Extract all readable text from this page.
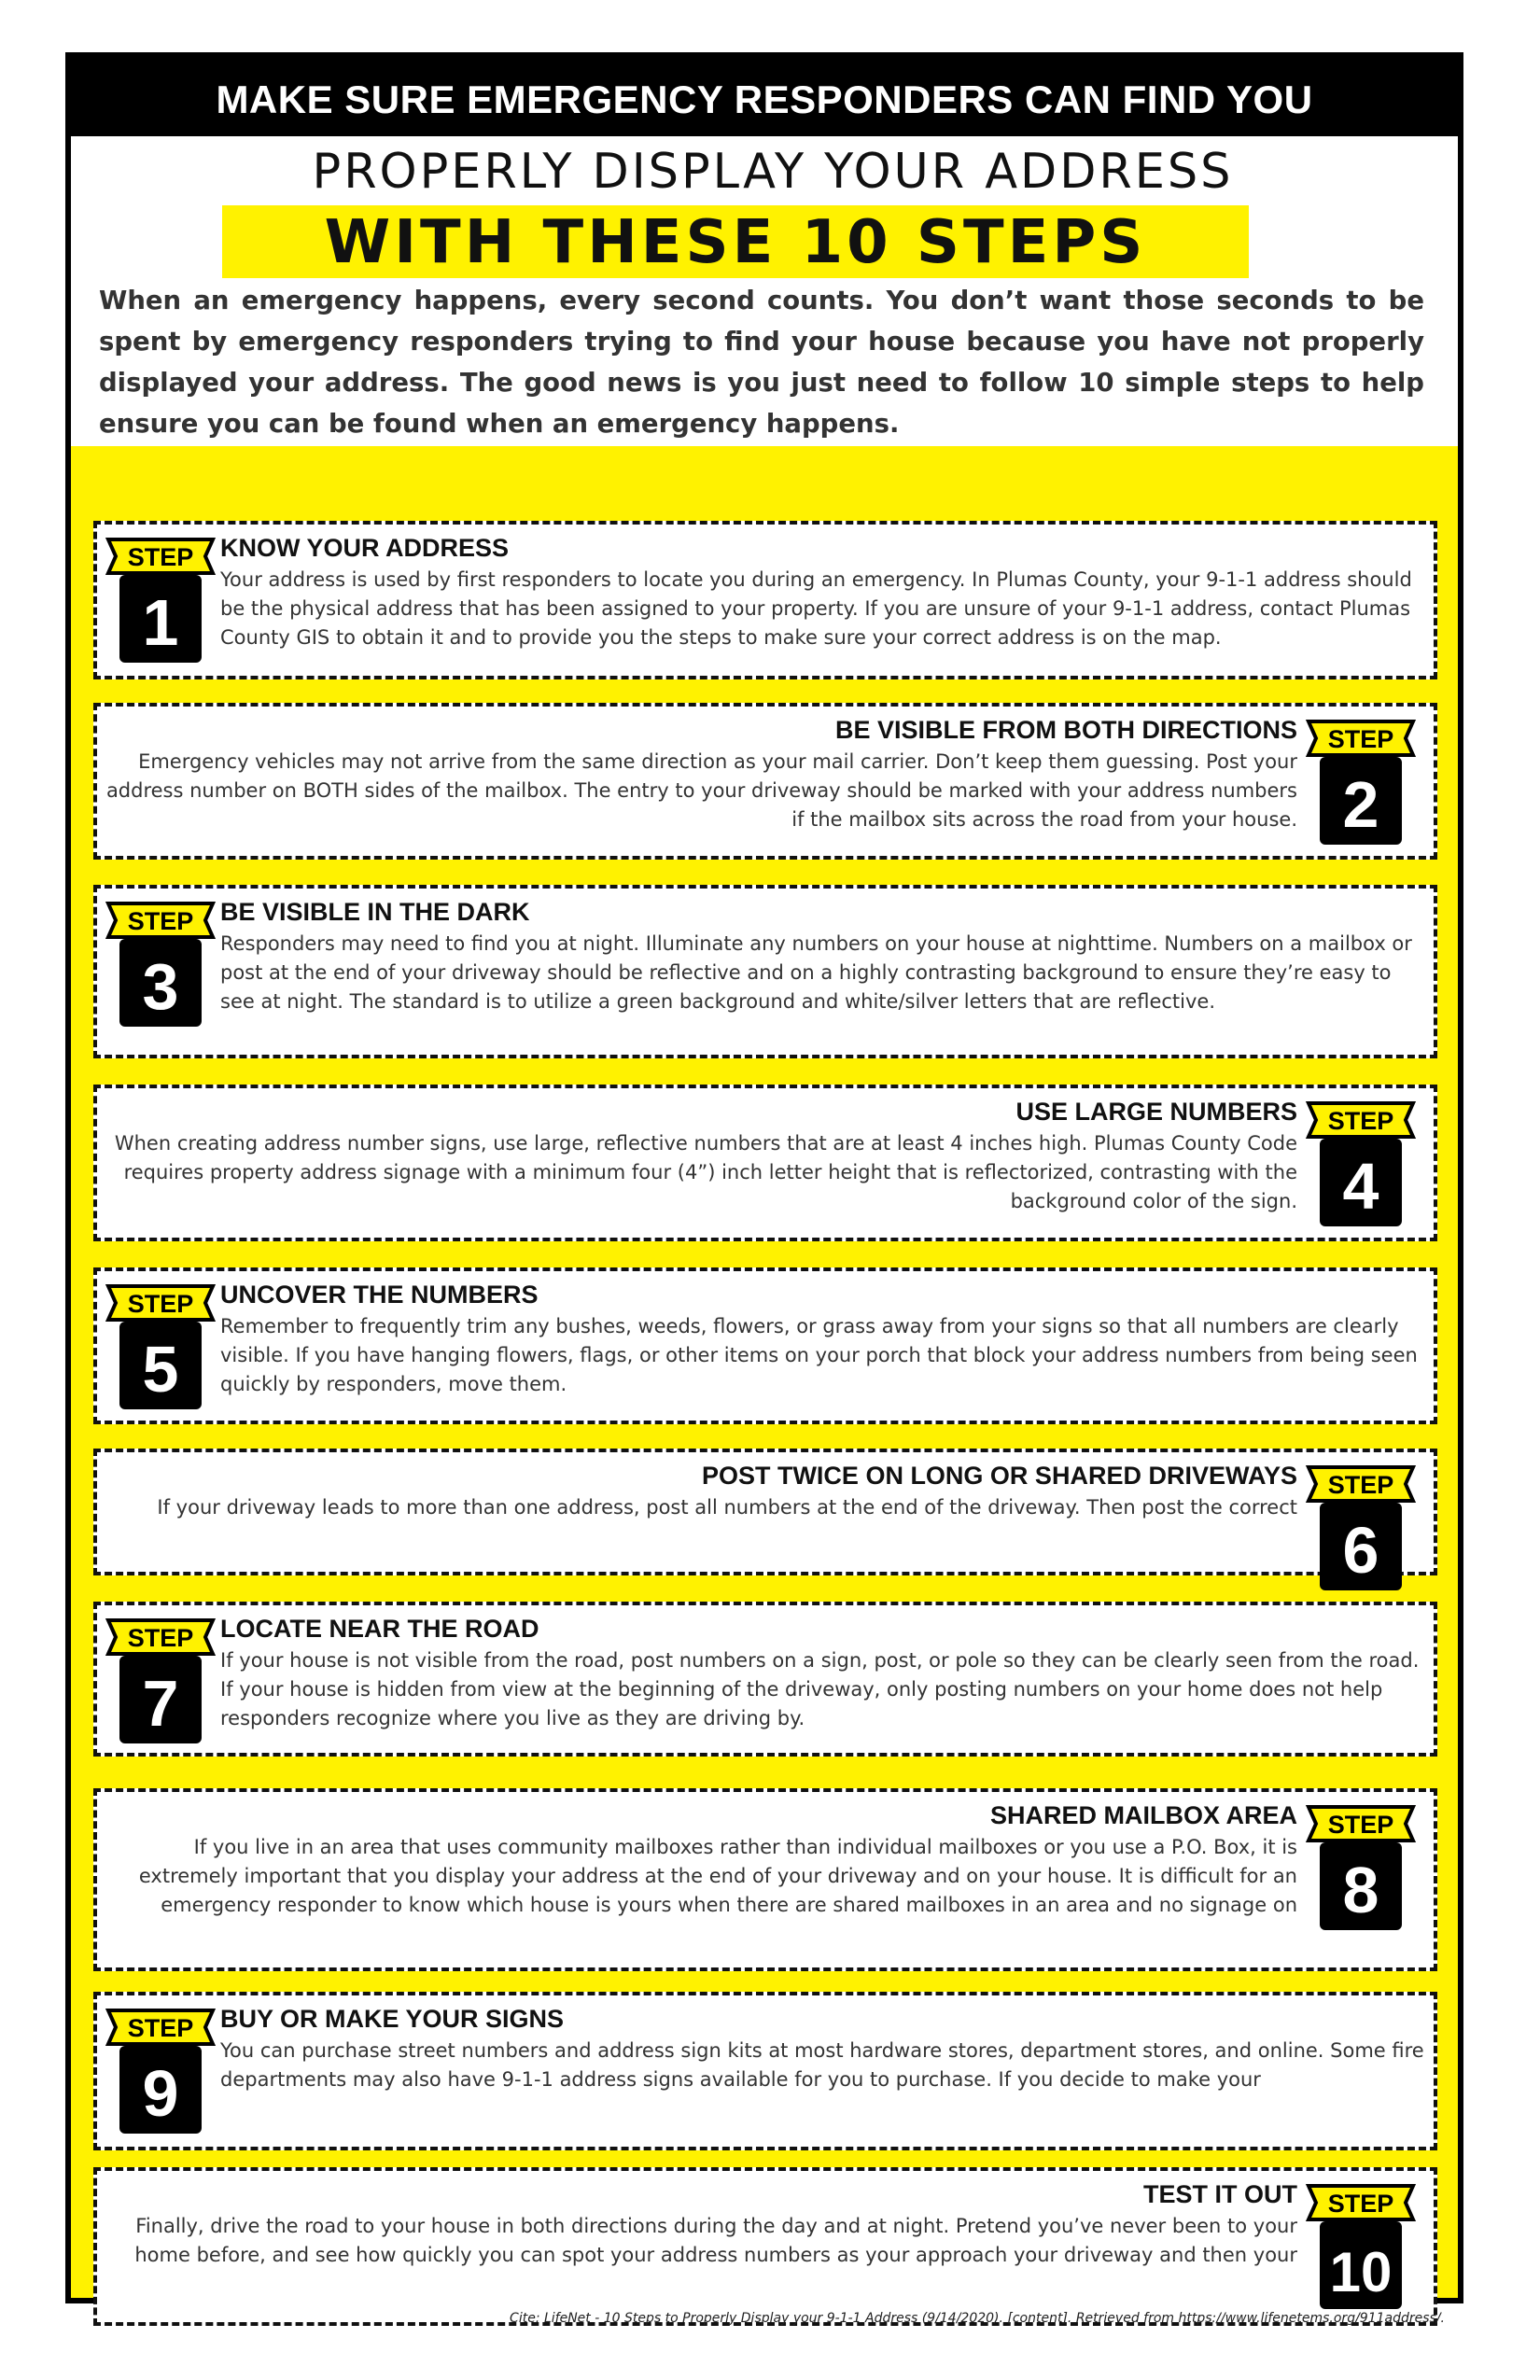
MAKE SURE EMERGENCY RESPONDERS CAN FIND YOU
PROPERLY DISPLAY YOUR ADDRESS
WITH THESE 10 STEPS
When an emergency happens, every second counts. You don’t want those seconds to be spent by emergency responders trying to find your house because you have not properly displayed your address. The good news is you just need to follow 10 simple steps to help ensure you can be found when an emergency happens.
STEP
1
KNOW YOUR ADDRESS
Your address is used by first responders to locate you during an emergency. In Plumas County, your 9-1-1 address should be the physical address that has been assigned to your property. If you are unsure of your 9-1-1 address, contact Plumas County GIS to obtain it and to provide you the steps to make sure your correct address is on the map.
STEP
2
BE VISIBLE FROM BOTH DIRECTIONS
Emergency vehicles may not arrive from the same direction as your mail carrier. Don’t keep them guessing. Post your address number on BOTH sides of the mailbox. The entry to your driveway should be marked with your address numbers if the mailbox sits across the road from your house.
STEP
3
BE VISIBLE IN THE DARK
Responders may need to find you at night. Illuminate any numbers on your house at nighttime. Numbers on a mailbox or post at the end of your driveway should be reflective and on a highly contrasting background to ensure they’re easy to see at night. The standard is to utilize a green background and white/silver letters that are reflective.
STEP
4
USE LARGE NUMBERS
When creating address number signs, use large, reflective numbers that are at least 4 inches high. Plumas County Code requires property address signage with a minimum four (4”) inch letter height that is reflectorized, contrasting with the background color of the sign.
STEP
5
UNCOVER THE NUMBERS
Remember to frequently trim any bushes, weeds, flowers, or grass away from your signs so that all numbers are clearly visible. If you have hanging flowers, flags, or other items on your porch that block your address numbers from being seen quickly by responders, move them.
STEP
6
POST TWICE ON LONG OR SHARED DRIVEWAYS
If your driveway leads to more than one address, post all numbers at the end of the driveway. Then post the correct
STEP
7
LOCATE NEAR THE ROAD
If your house is not visible from the road, post numbers on a sign, post, or pole so they can be clearly seen from the road. If your house is hidden from view at the beginning of the driveway, only posting numbers on your home does not help responders recognize where you live as they are driving by.
STEP
8
SHARED MAILBOX AREA
If you live in an area that uses community mailboxes rather than individual mailboxes or you use a P.O. Box, it is extremely important that you display your address at the end of your driveway and on your house. It is difficult for an emergency responder to know which house is yours when there are shared mailboxes in an area and no signage on
STEP
9
BUY OR MAKE YOUR SIGNS
You can purchase street numbers and address sign kits at most hardware stores, department stores, and online. Some fire departments may also have 9-1-1 address signs available for you to purchase. If you decide to make your
STEP
10
TEST IT OUT
Finally, drive the road to your house in both directions during the day and at night. Pretend you’ve never been to your home before, and see how quickly you can spot your address numbers as your approach your driveway and then your
Cite: LifeNet - 10 Steps to Properly Display your 9-1-1 Address (9/14/2020). [content]. Retrieved from https://www.lifenetems.org/911address/.
